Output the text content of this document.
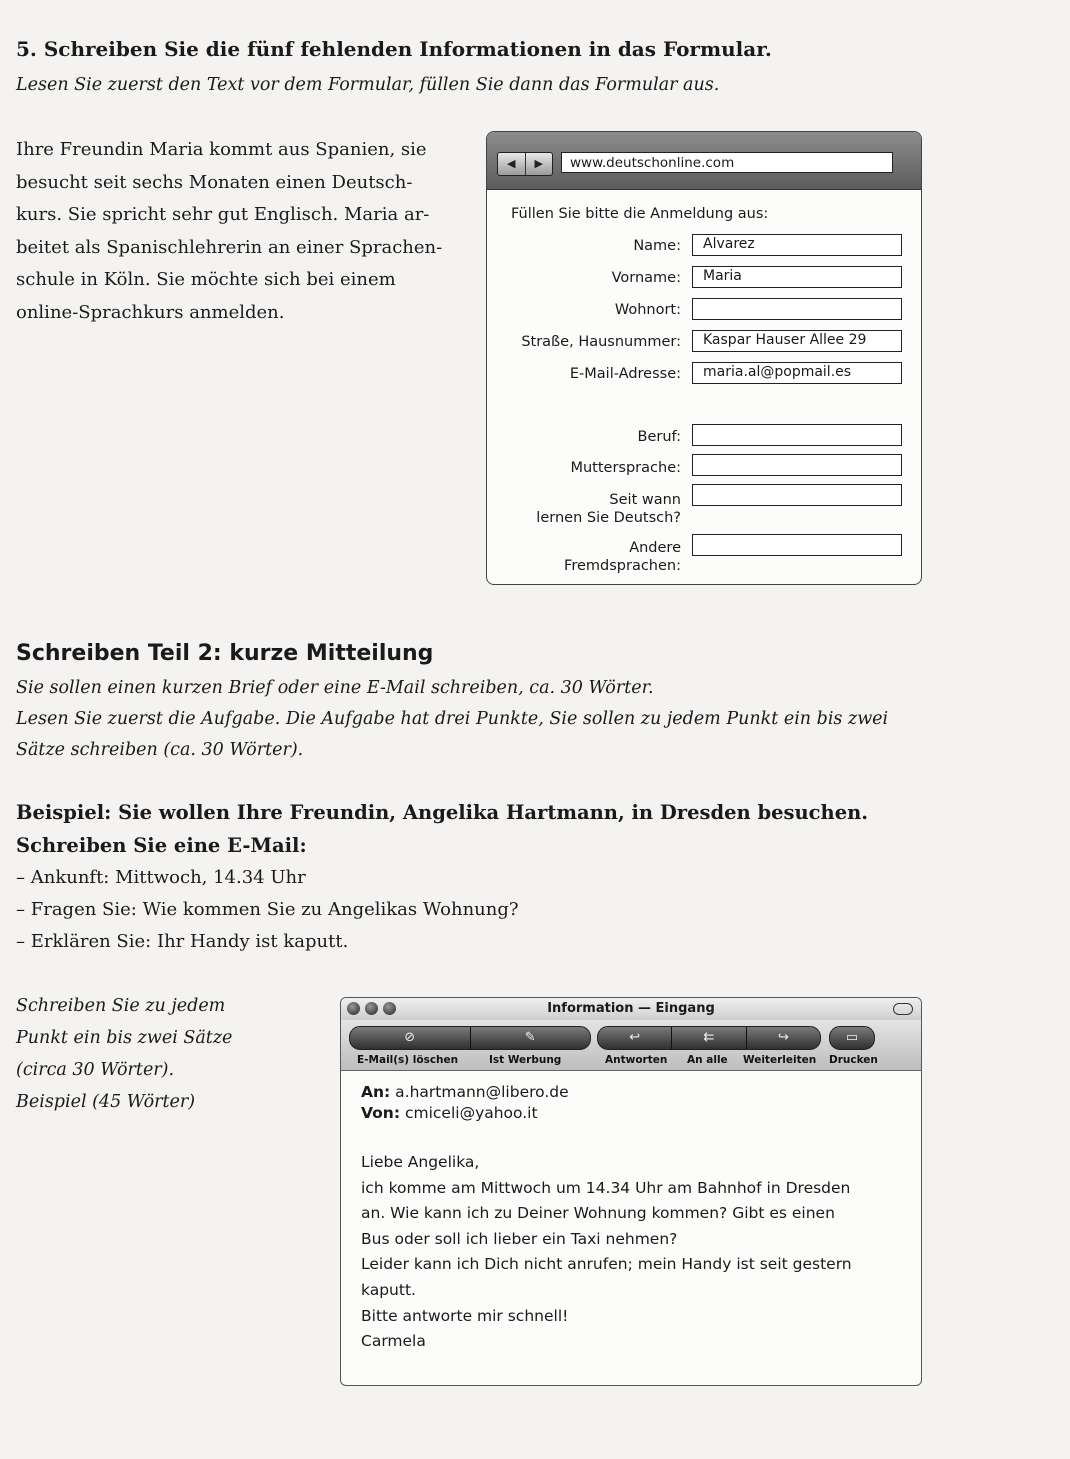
5. Schreiben Sie die fünf fehlenden Informationen in das Formular.
Lesen Sie zuerst den Text vor dem Formular, füllen Sie dann das Formular aus.
Ihre Freundin Maria kommt aus Spanien, sie
besucht seit sechs Monaten einen Deutsch-
kurs. Sie spricht sehr gut Englisch. Maria ar-
beitet als Spanischlehrerin an einer Sprachen-
schule in Köln. Sie möchte sich bei einem
online-Sprachkurs anmelden.
◀	▶	www.deutschonline.com
Füllen Sie bitte die Anmeldung aus:
Name:	Alvarez
Vorname:	Maria
Wohnort:
Straße, Hausnummer:	Kaspar Hauser Allee 29
E-Mail-Adresse:	maria.al@popmail.es
Beruf:
Muttersprache:
Seit wann
lernen Sie Deutsch?
Andere
Fremdsprachen:
Schreiben Teil 2: kurze Mitteilung
Sie sollen einen kurzen Brief oder eine E-Mail schreiben, ca. 30 Wörter.
Lesen Sie zuerst die Aufgabe. Die Aufgabe hat drei Punkte, Sie sollen zu jedem Punkt ein bis zwei
Sätze schreiben (ca. 30 Wörter).
Beispiel: Sie wollen Ihre Freundin, Angelika Hartmann, in Dresden besuchen.
Schreiben Sie eine E-Mail:
– Ankunft: Mittwoch, 14.34 Uhr
– Fragen Sie: Wie kommen Sie zu Angelikas Wohnung?
– Erklären Sie: Ihr Handy ist kaputt.
Schreiben Sie zu jedem
Punkt ein bis zwei Sätze
(circa 30 Wörter).
Beispiel (45 Wörter)
Information — Eingang
⊘	✎	↩	⇇	↪	▭
E-Mail(s) löschen	Ist Werbung	Antworten An alle Weiterleiten Drucken
An: a.hartmann@libero.de
Von: cmiceli@yahoo.it
Liebe Angelika,
ich komme am Mittwoch um 14.34 Uhr am Bahnhof in Dresden
an. Wie kann ich zu Deiner Wohnung kommen? Gibt es einen
Bus oder soll ich lieber ein Taxi nehmen?
Leider kann ich Dich nicht anrufen; mein Handy ist seit gestern
kaputt.
Bitte antworte mir schnell!
Carmela
